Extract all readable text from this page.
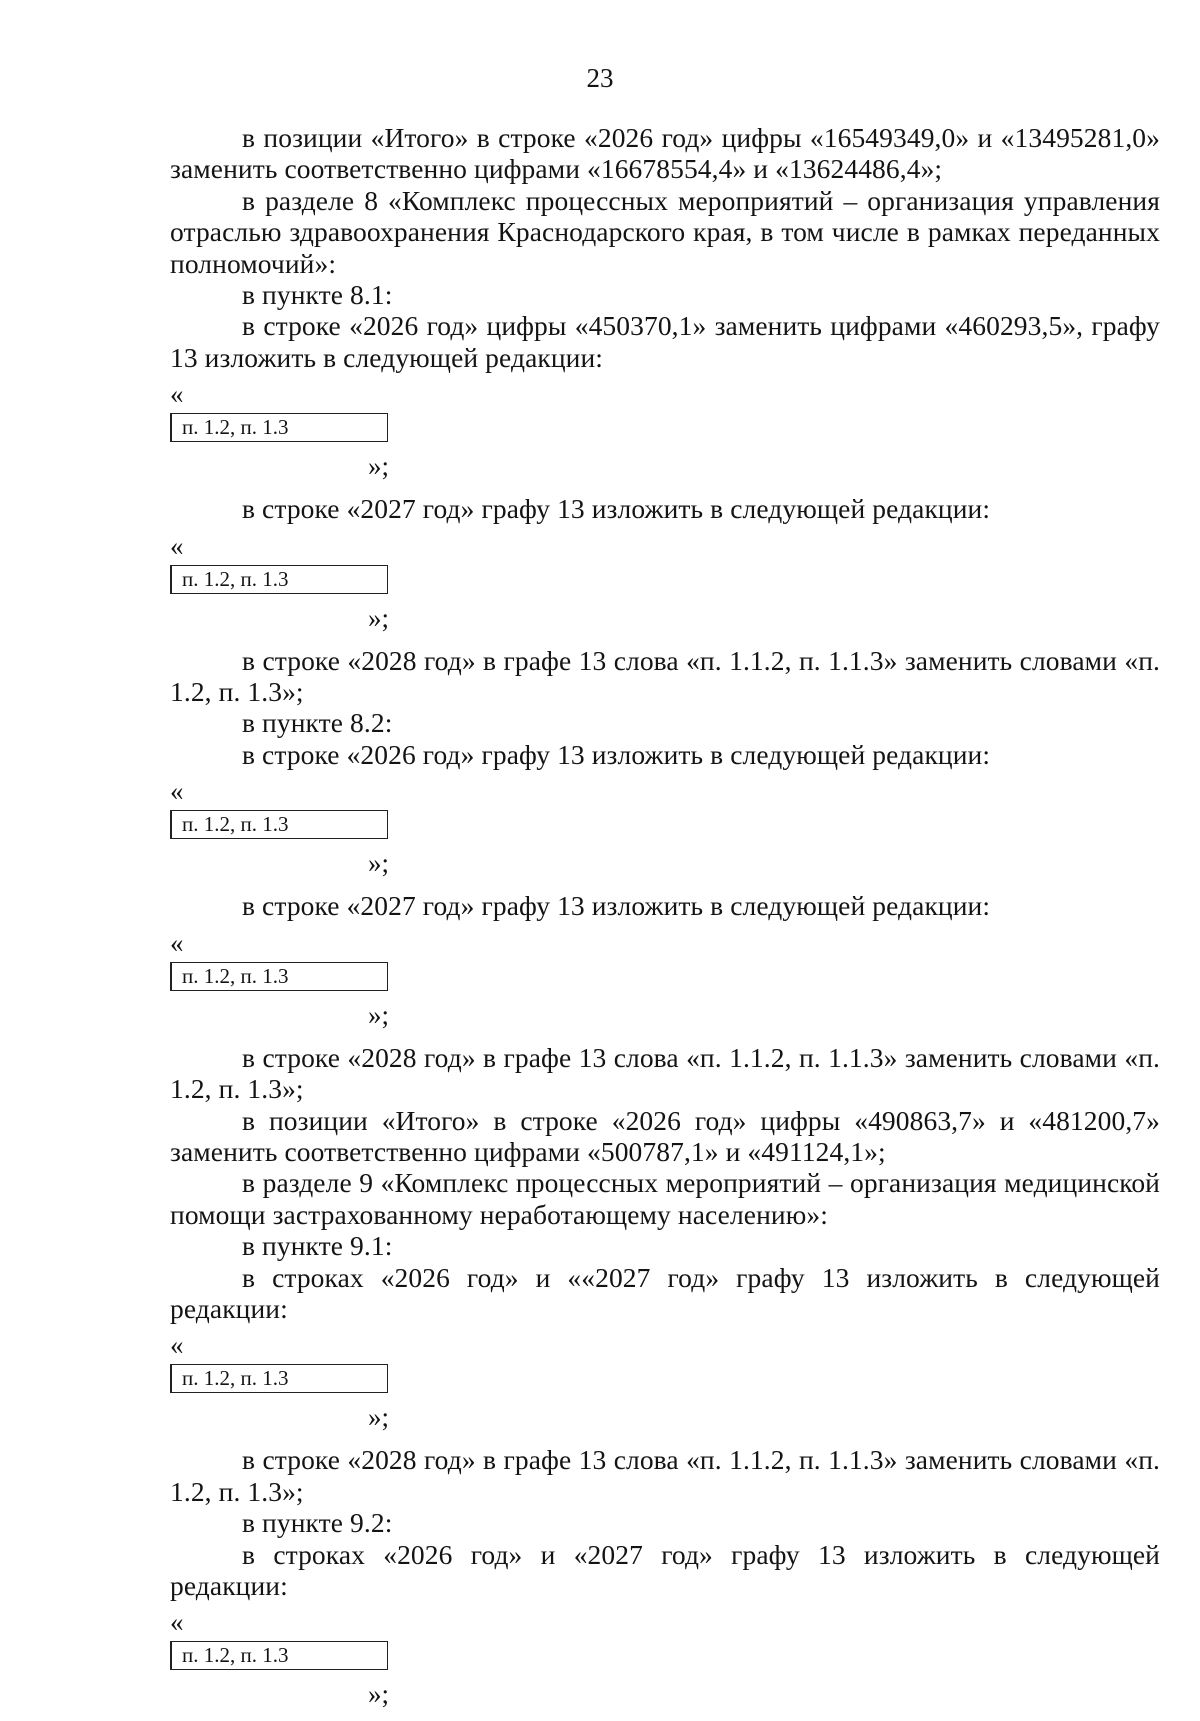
23

в позиции «Итого» в строке «2026 год» цифры «16549349,0» и «13495281,0» заменить соответственно цифрами «16678554,4» и «13624486,4»;

в разделе 8 «Комплекс процессных мероприятий – организация управления отраслью здравоохранения Краснодарского края, в том числе в рамках переданных полномочий»:

в пункте 8.1:

в строке «2026 год» цифры «450370,1» заменить цифрами «460293,5», графу 13 изложить в следующей редакции:

«
п. 1.2, п. 1.3
»;

в строке «2027 год» графу 13 изложить в следующей редакции:

«
п. 1.2, п. 1.3
»;

в строке «2028 год» в графе 13 слова «п. 1.1.2, п. 1.1.3» заменить словами «п. 1.2, п. 1.3»;

в пункте 8.2:

в строке «2026 год» графу 13 изложить в следующей редакции:

«
п. 1.2, п. 1.3
»;

в строке «2027 год» графу 13 изложить в следующей редакции:

«
п. 1.2, п. 1.3
»;

в строке «2028 год» в графе 13 слова «п. 1.1.2, п. 1.1.3» заменить словами «п. 1.2, п. 1.3»;

в позиции «Итого» в строке «2026 год» цифры «490863,7» и «481200,7» заменить соответственно цифрами «500787,1» и «491124,1»;

в разделе 9 «Комплекс процессных мероприятий – организация медицинской помощи застрахованному неработающему населению»:

в пункте 9.1:

в строках «2026 год» и ««2027 год» графу 13 изложить в следующей редакции:

«
п. 1.2, п. 1.3
»;

в строке «2028 год» в графе 13 слова «п. 1.1.2, п. 1.1.3» заменить словами «п. 1.2, п. 1.3»;

в пункте 9.2:

в строках «2026 год» и «2027 год» графу 13 изложить в следующей редакции:

«
п. 1.2, п. 1.3
»;
